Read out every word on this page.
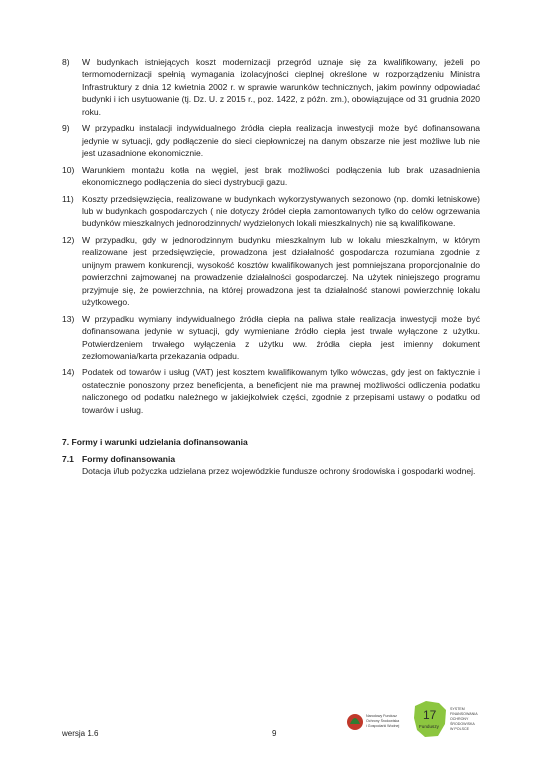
8) W budynkach istniejących koszt modernizacji przegród uznaje się za kwalifikowany, jeżeli po termomodernizacji spełnią wymagania izolacyjności cieplnej określone w rozporządzeniu Ministra Infrastruktury z dnia 12 kwietnia 2002 r. w sprawie warunków technicznych, jakim powinny odpowiadać budynki i ich usytuowanie (tj. Dz. U. z 2015 r., poz. 1422, z późn. zm.), obowiązujące od 31 grudnia 2020 roku.
9) W przypadku instalacji indywidualnego źródła ciepła realizacja inwestycji może być dofinansowana jedynie w sytuacji, gdy podłączenie do sieci ciepłowniczej na danym obszarze nie jest możliwe lub nie jest uzasadnione ekonomicznie.
10) Warunkiem montażu kotła na węgiel, jest brak możliwości podłączenia lub brak uzasadnienia ekonomicznego podłączenia do sieci dystrybucji gazu.
11) Koszty przedsięwzięcia, realizowane w budynkach wykorzystywanych sezonowo (np. domki letniskowe) lub w budynkach gospodarczych ( nie dotyczy źródeł ciepła zamontowanych tylko do celów ogrzewania budynków mieszkalnych jednorodzinnych/ wydzielonych lokali mieszkalnych) nie są kwalifikowane.
12) W przypadku, gdy w jednorodzinnym budynku mieszkalnym lub w lokalu mieszkalnym, w którym realizowane jest przedsięwzięcie, prowadzona jest działalność gospodarcza rozumiana zgodnie z unijnym prawem konkurencji, wysokość kosztów kwalifikowanych jest pomniejszana proporcjonalnie do powierzchni zajmowanej na prowadzenie działalności gospodarczej. Na użytek niniejszego programu przyjmuje się, że powierzchnia, na której prowadzona jest ta działalność stanowi powierzchnię lokalu użytkowego.
13) W przypadku wymiany indywidualnego źródła ciepła na paliwa stałe realizacja inwestycji może być dofinansowana jedynie w sytuacji, gdy wymieniane źródło ciepła jest trwale wyłączone z użytku. Potwierdzeniem trwałego wyłączenia z użytku ww. źródła ciepła jest imienny dokument zezłomowania/karta przekazania odpadu.
14) Podatek od towarów i usług (VAT) jest kosztem kwalifikowanym tylko wówczas, gdy jest on faktycznie i ostatecznie ponoszony przez beneficjenta, a beneficjent nie ma prawnej możliwości odliczenia podatku naliczonego od podatku należnego w jakiejkolwiek części, zgodnie z przepisami ustawy o podatku od towarów i usług.
7. Formy i warunki udzielania dofinansowania
7.1 Formy dofinansowania
Dotacja i/lub pożyczka udzielana przez wojewódzkie fundusze ochrony środowiska i gospodarki wodnej.
wersja 1.6	9
Narodowy Fundusz
Ochrony Środowiska
i Gospodarki Wodnej
17
Funduszy
SYSTEM
FINANSOWANIA
OCHRONY
ŚRODOWISKA
W POLSCE
